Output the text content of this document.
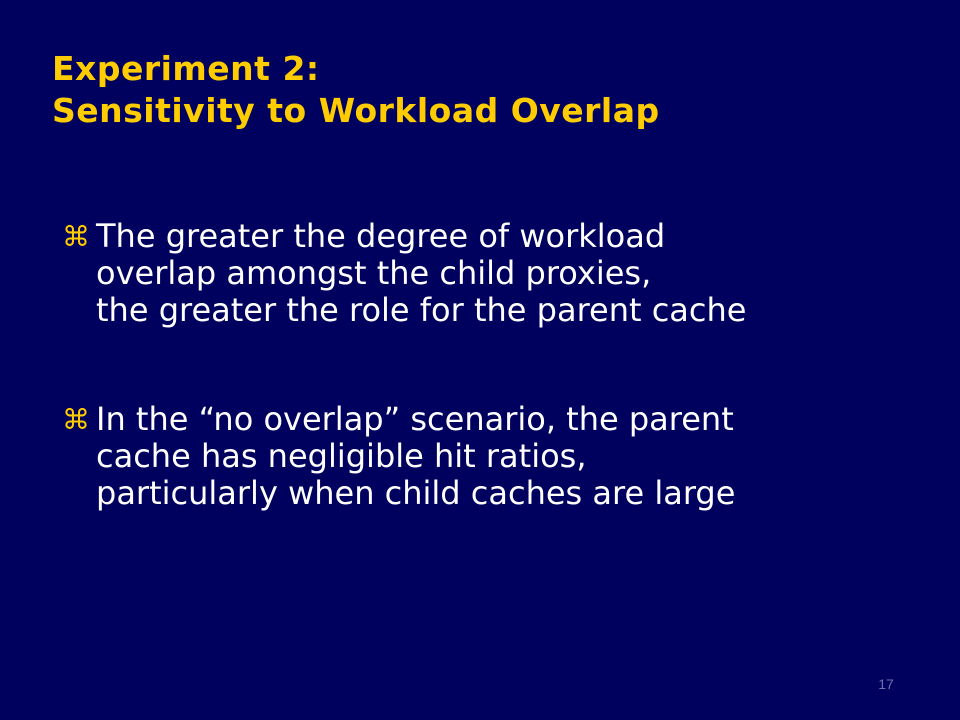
Experiment 2:
Sensitivity to Workload Overlap
⌘ The greater the degree of workload
overlap amongst the child proxies,
the greater the role for the parent cache
⌘ In the “no overlap” scenario, the parent
cache has negligible hit ratios,
particularly when child caches are large
17
